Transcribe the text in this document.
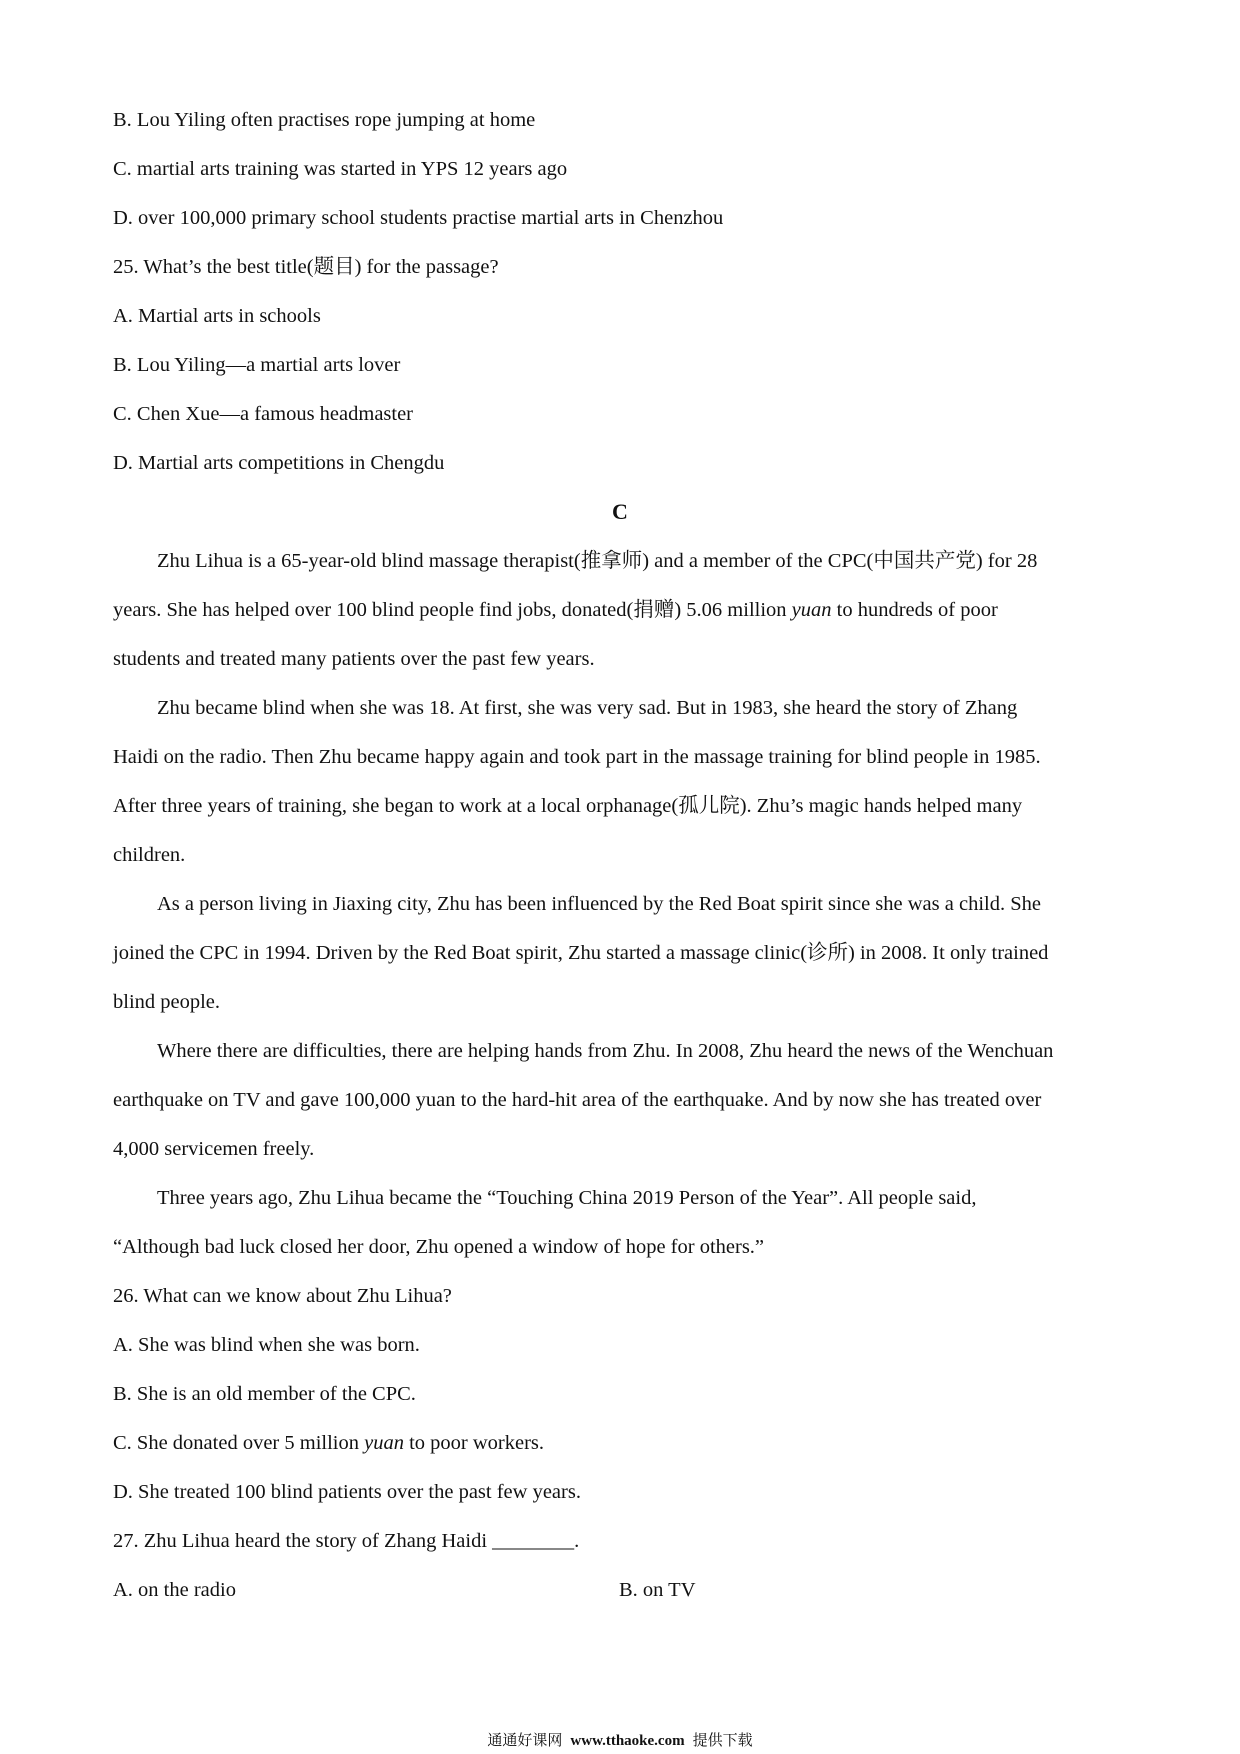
B. Lou Yiling often practises rope jumping at home
C. martial arts training was started in YPS 12 years ago
D. over 100,000 primary school students practise martial arts in Chenzhou
25. What’s the best title(题目) for the passage?
A. Martial arts in schools
B. Lou Yiling—a martial arts lover
C. Chen Xue—a famous headmaster
D. Martial arts competitions in Chengdu
C
Zhu Lihua is a 65-year-old blind massage therapist(推拿师) and a member of the CPC(中国共产党) for 28
years. She has helped over 100 blind people find jobs, donated(捐赠) 5.06 million yuan to hundreds of poor
students and treated many patients over the past few years.
Zhu became blind when she was 18. At first, she was very sad. But in 1983, she heard the story of Zhang
Haidi on the radio. Then Zhu became happy again and took part in the massage training for blind people in 1985.
After three years of training, she began to work at a local orphanage(孤儿院). Zhu’s magic hands helped many
children.
As a person living in Jiaxing city, Zhu has been influenced by the Red Boat spirit since she was a child. She
joined the CPC in 1994. Driven by the Red Boat spirit, Zhu started a massage clinic(诊所) in 2008. It only trained
blind people.
Where there are difficulties, there are helping hands from Zhu. In 2008, Zhu heard the news of the Wenchuan
earthquake on TV and gave 100,000 yuan to the hard-hit area of the earthquake. And by now she has treated over
4,000 servicemen freely.
Three years ago, Zhu Lihua became the “Touching China 2019 Person of the Year”. All people said,
“Although bad luck closed her door, Zhu opened a window of hope for others.”
26. What can we know about Zhu Lihua?
A. She was blind when she was born.
B. She is an old member of the CPC.
C. She donated over 5 million yuan to poor workers.
D. She treated 100 blind patients over the past few years.
27. Zhu Lihua heard the story of Zhang Haidi ________.
A. on the radio	B. on TV
通通好课网 www.tthaoke.com 提供下载
